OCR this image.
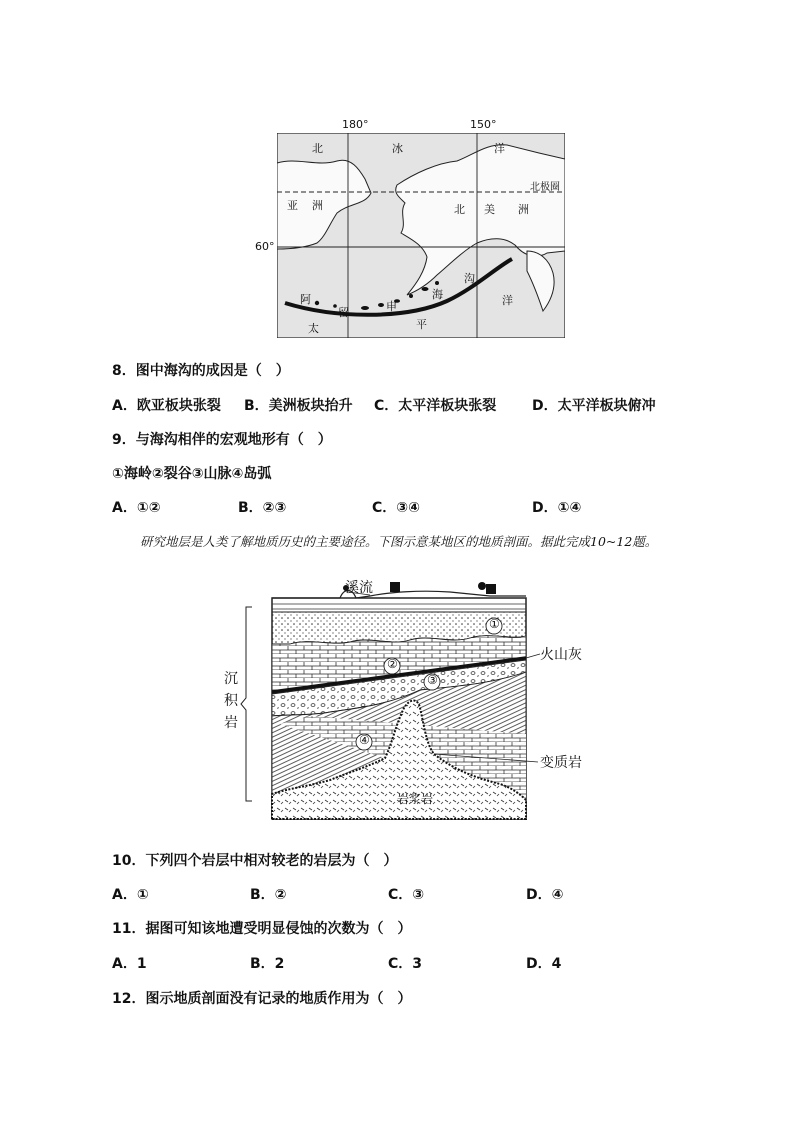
180°	150°
60°
北	冰	洋
北极圈
亚 洲	北 美 洲
沟
海	洋
阿
留	申
太	平
8．图中海沟的成因是（　）
A．欧亚板块张裂 B．美洲板块抬升 C．太平洋板块张裂	D．太平洋板块俯冲
9．与海沟相伴的宏观地形有（　）
①海岭②裂谷③山脉④岛弧
A．①②	B．②③	C．③④	D．①④
研究地层是人类了解地质历史的主要途径。下图示意某地区的地质剖面。据此完成10~12题。
①
②
③
④
溪流
火山灰
变质岩
岩浆岩
沉
积
岩
10．下列四个岩层中相对较老的岩层为（　）
A．①	B．②	C．③	D．④
11．据图可知该地遭受明显侵蚀的次数为（　）
A．1	B．2	C．3	D．4
12．图示地质剖面没有记录的地质作用为（　）
